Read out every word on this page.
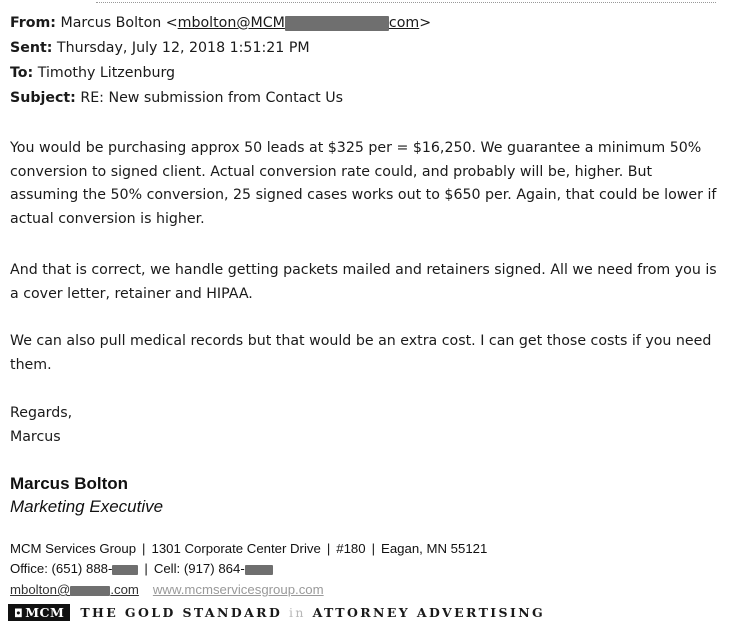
From: Marcus Bolton <mbolton@MCM	com>
Sent: Thursday, July 12, 2018 1:51:21 PM
To: Timothy Litzenburg
Subject: RE: New submission from Contact Us

You would be purchasing approx 50 leads at $325 per = $16,250. We guarantee a minimum 50% conversion to signed client. Actual conversion rate could, and probably will be, higher. But assuming the 50% conversion, 25 signed cases works out to $650 per. Again, that could be lower if actual conversion is higher.

And that is correct, we handle getting packets mailed and retainers signed. All we need from you is a cover letter, retainer and HIPAA.

We can also pull medical records but that would be an extra cost. I can get those costs if you need them.

Regards,
Marcus
Marcus Bolton
Marketing Executive
MCM Services Group | 1301 Corporate Center Drive | #180 | Eagan, MN 55121
Office: (651) 888- | Cell: (917) 864-
mbolton@	.com www.mcmservicesgroup.com
◘ MCM THE GOLD STANDARD in ATTORNEY ADVERTISING
